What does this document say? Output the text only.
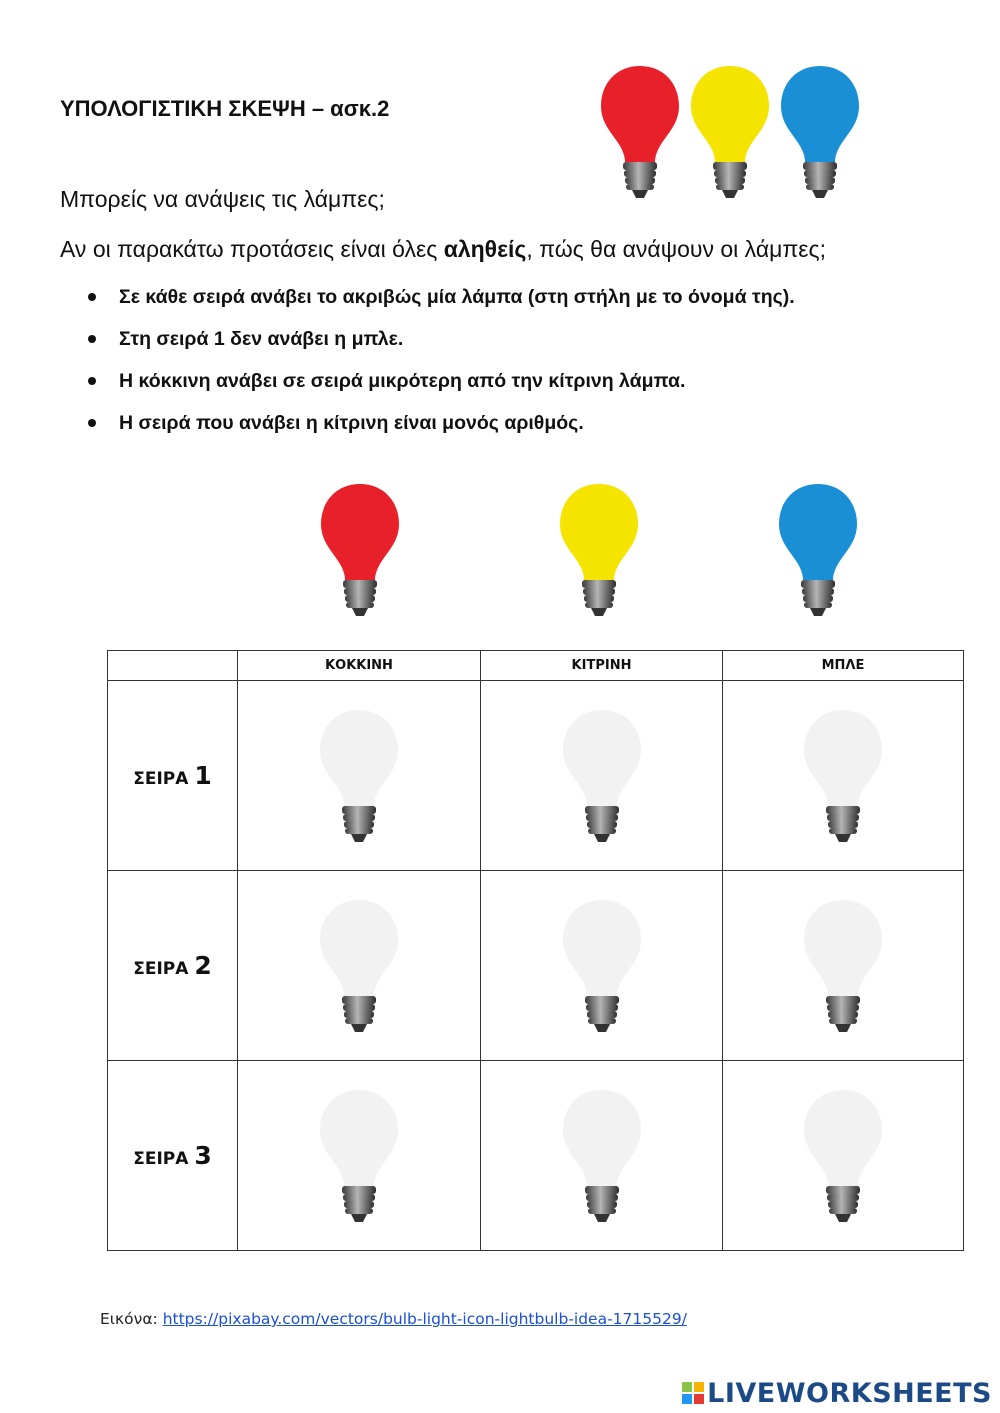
ΥΠΟΛΟΓΙΣΤΙΚΗ ΣΚΕΨΗ – ασκ.2
Μπορείς να ανάψεις τις λάμπες;
Αν οι παρακάτω προτάσεις είναι όλες αληθείς, πώς θα ανάψουν οι λάμπες;
Σε κάθε σειρά ανάβει το ακριβώς μία λάμπα (στη στήλη με το όνομά της).
Στη σειρά 1 δεν ανάβει η μπλε.
Η κόκκινη ανάβει σε σειρά μικρότερη από την κίτρινη λάμπα.
Η σειρά που ανάβει η κίτρινη είναι μονός αριθμός.
	ΚΟΚΚΙΝΗ	ΚΙΤΡΙΝΗ	ΜΠΛΕ
ΣΕΙΡΑ 1	

ΣΕΙΡΑ 2	

ΣΕΙΡΑ 3	

Εικόνα: https://pixabay.com/vectors/bulb-light-icon-lightbulb-idea-1715529/
LIVEWORKSHEETS
